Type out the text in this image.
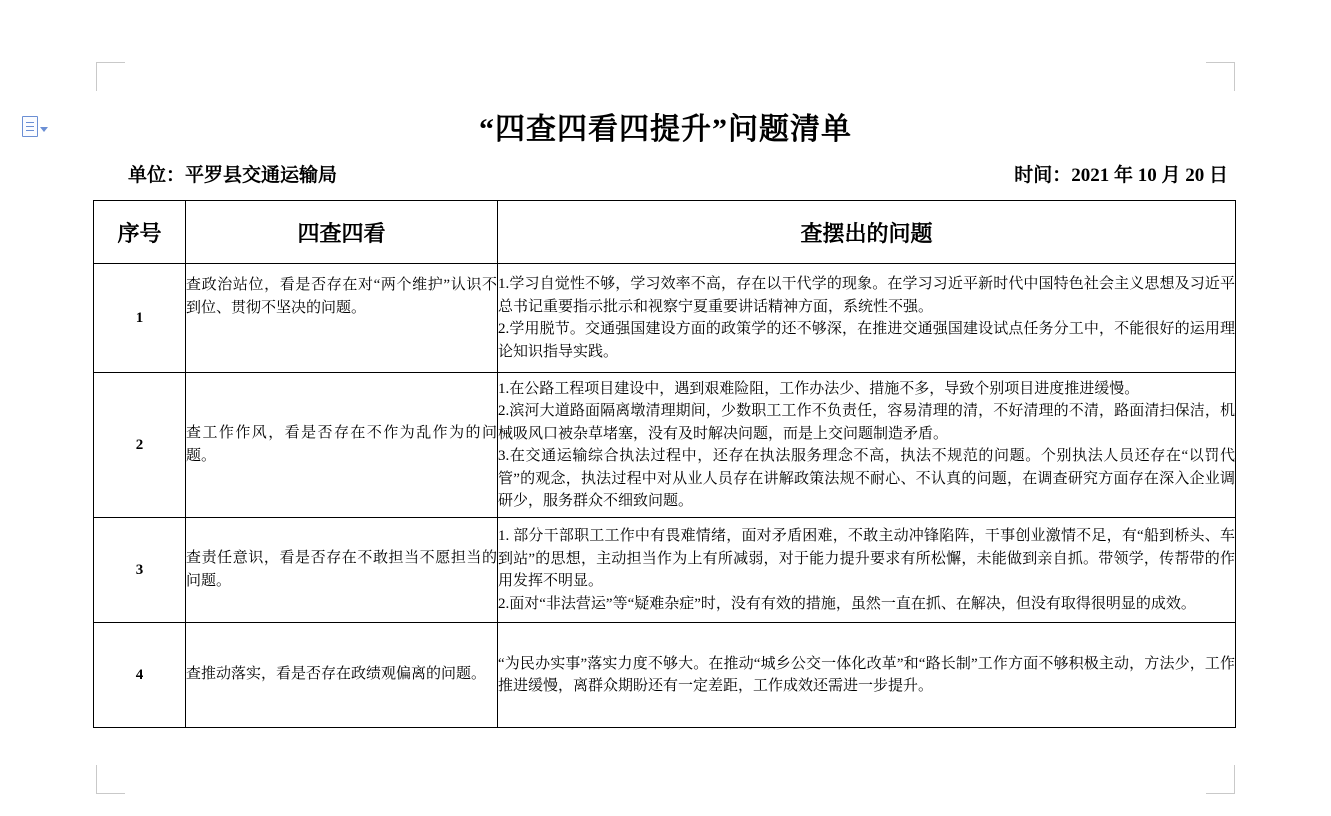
“四查四看四提升”问题清单
单位：平罗县交通运输局	时间：2021 年 10 月 20 日
序号	四查四看	查摆出的问题
1	查政治站位，看是否存在对“两个维护”认识不到位、贯彻不坚决的问题。	1.学习自觉性不够，学习效率不高，存在以干代学的现象。在学习习近平新时代中国特色社会主义思想及习近平总书记重要指示批示和视察宁夏重要讲话精神方面，系统性不强。

2.学用脱节。交通强国建设方面的政策学的还不够深，在推进交通强国建设试点任务分工中，不能很好的运用理论知识指导实践。

2	查工作作风，看是否存在不作为乱作为的问题。	1.在公路工程项目建设中，遇到艰难险阻，工作办法少、措施不多，导致个别项目进度推进缓慢。

2.滨河大道路面隔离墩清理期间，少数职工工作不负责任，容易清理的清，不好清理的不清，路面清扫保洁，机械吸风口被杂草堵塞，没有及时解决问题，而是上交问题制造矛盾。

3.在交通运输综合执法过程中，还存在执法服务理念不高，执法不规范的问题。个别执法人员还存在“以罚代管”的观念，执法过程中对从业人员存在讲解政策法规不耐心、不认真的问题，在调查研究方面存在深入企业调研少，服务群众不细致问题。

3	查责任意识，看是否存在不敢担当不愿担当的问题。	1. 部分干部职工工作中有畏难情绪，面对矛盾困难，不敢主动冲锋陷阵，干事创业激情不足，有“船到桥头、车到站”的思想，主动担当作为上有所减弱，对于能力提升要求有所松懈，未能做到亲自抓。带领学，传帮带的作用发挥不明显。

2.面对“非法营运”等“疑难杂症”时，没有有效的措施，虽然一直在抓、在解决，但没有取得很明显的成效。

4	查推动落实，看是否存在政绩观偏离的问题。	“为民办实事”落实力度不够大。在推动“城乡公交一体化改革”和“路长制”工作方面不够积极主动，方法少，工作推进缓慢，离群众期盼还有一定差距，工作成效还需进一步提升。
